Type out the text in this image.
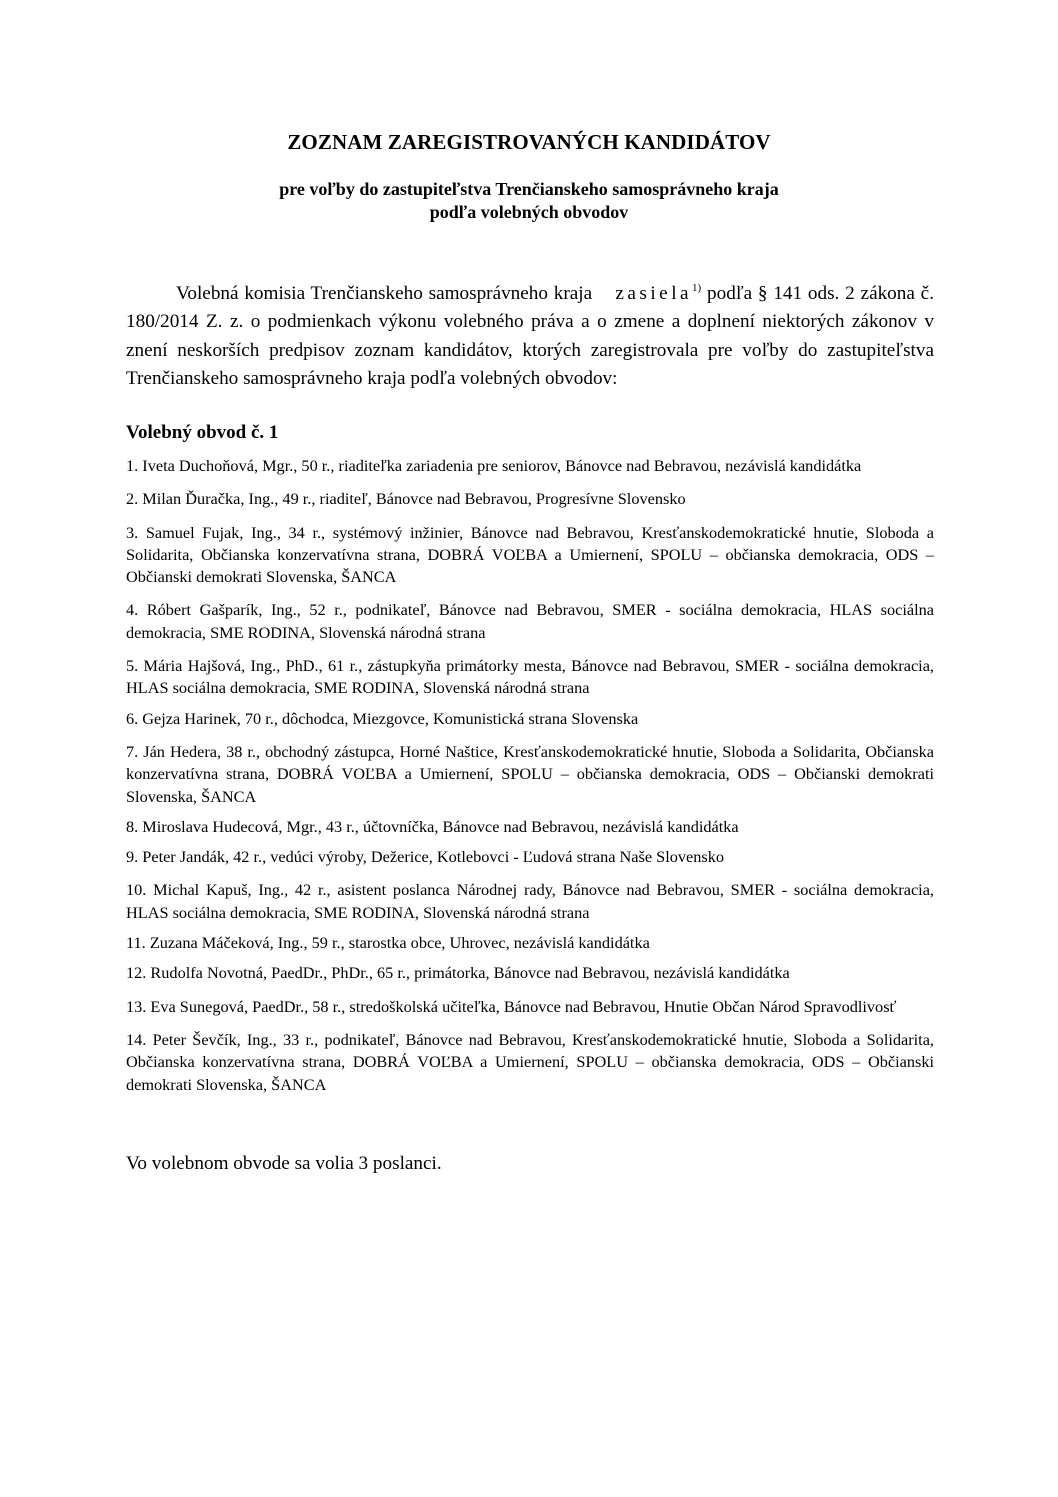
ZOZNAM ZAREGISTROVANÝCH KANDIDÁTOV

pre voľby do zastupiteľstva Trenčianskeho samosprávneho kraja

podľa volebných obvodov

Volebná komisia Trenčianskeho samosprávneho kraja zasiela$^{1)}$ podľa § 141 ods. 2 zákona č. 180/2014 Z. z. o podmienkach výkonu volebného práva a o zmene a doplnení niektorých zákonov v znení neskorších predpisov zoznam kandidátov, ktorých zaregistrovala pre voľby do zastupiteľstva Trenčianskeho samosprávneho kraja podľa volebných obvodov:

Volebný obvod č. 1
1. Iveta Duchoňová, Mgr., 50 r., riaditeľka zariadenia pre seniorov, Bánovce nad Bebravou, nezávislá kandidátka
2. Milan Ďuračka, Ing., 49 r., riaditeľ, Bánovce nad Bebravou, Progresívne Slovensko
3. Samuel Fujak, Ing., 34 r., systémový inžinier, Bánovce nad Bebravou, Kresťanskodemokratické hnutie, Sloboda a Solidarita, Občianska konzervatívna strana, DOBRÁ VOĽBA a Umiernení, SPOLU – občianska demokracia, ODS – Občianski demokrati Slovenska, ŠANCA
4. Róbert Gašparík, Ing., 52 r., podnikateľ, Bánovce nad Bebravou, SMER - sociálna demokracia, HLAS sociálna demokracia, SME RODINA, Slovenská národná strana
5. Mária Hajšová, Ing., PhD., 61 r., zástupkyňa primátorky mesta, Bánovce nad Bebravou, SMER - sociálna demokracia, HLAS sociálna demokracia, SME RODINA, Slovenská národná strana
6. Gejza Harinek, 70 r., dôchodca, Miezgovce, Komunistická strana Slovenska
7. Ján Hedera, 38 r., obchodný zástupca, Horné Naštice, Kresťanskodemokratické hnutie, Sloboda a Solidarita, Občianska konzervatívna strana, DOBRÁ VOĽBA a Umiernení, SPOLU – občianska demokracia, ODS – Občianski demokrati Slovenska, ŠANCA
8. Miroslava Hudecová, Mgr., 43 r., účtovníčka, Bánovce nad Bebravou, nezávislá kandidátka
9. Peter Jandák, 42 r., vedúci výroby, Dežerice, Kotlebovci - Ľudová strana Naše Slovensko
10. Michal Kapuš, Ing., 42 r., asistent poslanca Národnej rady, Bánovce nad Bebravou, SMER - sociálna demokracia, HLAS sociálna demokracia, SME RODINA, Slovenská národná strana
11. Zuzana Máčeková, Ing., 59 r., starostka obce, Uhrovec, nezávislá kandidátka
12. Rudolfa Novotná, PaedDr., PhDr., 65 r., primátorka, Bánovce nad Bebravou, nezávislá kandidátka
13. Eva Sunegová, PaedDr., 58 r., stredoškolská učiteľka, Bánovce nad Bebravou, Hnutie Občan Národ Spravodlivosť
14. Peter Ševčík, Ing., 33 r., podnikateľ, Bánovce nad Bebravou, Kresťanskodemokratické hnutie, Sloboda a Solidarita, Občianska konzervatívna strana, DOBRÁ VOĽBA a Umiernení, SPOLU – občianska demokracia, ODS – Občianski demokrati Slovenska, ŠANCA

Vo volebnom obvode sa volia 3 poslanci.
